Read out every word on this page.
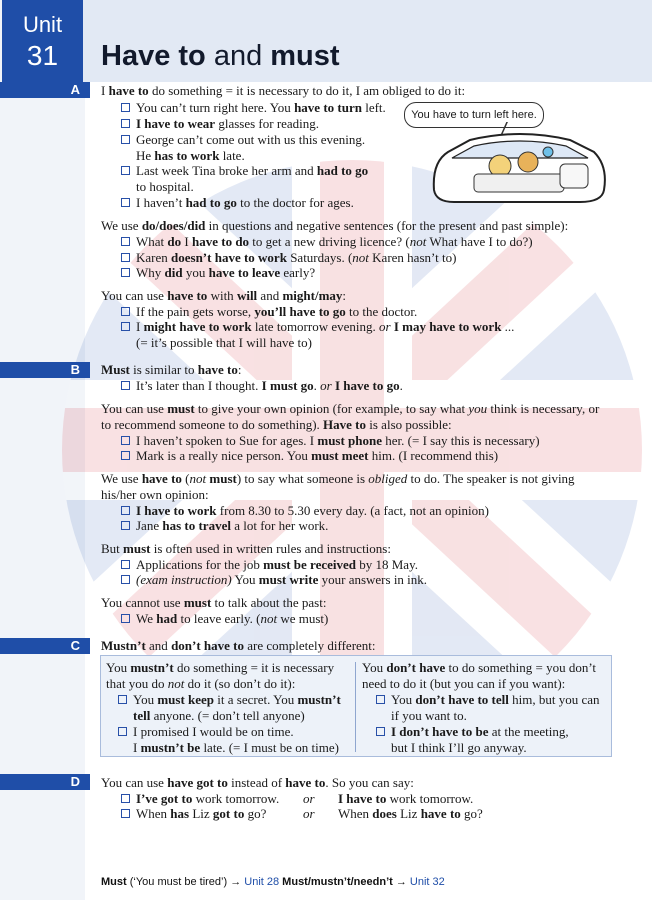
Unit
31	Have to and must
A	I have to do something = it is necessary to do it, I am obliged to do it:
You can’t turn right here. You have to turn left.
I have to wear glasses for reading.
George can’t come out with us this evening.
He has to work late.
Last week Tina broke her arm and had to go
to hospital.
I haven’t had to go to the doctor for ages.
You have to turn left here.
We use do/does/did in questions and negative sentences (for the present and past simple):
What do I have to do to get a new driving licence? (not What have I to do?)
Karen doesn’t have to work Saturdays. (not Karen hasn’t to)
Why did you have to leave early?
You can use have to with will and might/may:
If the pain gets worse, you’ll have to go to the doctor.
I might have to work late tomorrow evening. or I may have to work ...
(= it’s possible that I will have to)
B	Must is similar to have to:
It’s later than I thought. I must go. or I have to go.
You can use must to give your own opinion (for example, to say what you think is necessary, or
to recommend someone to do something). Have to is also possible:
I haven’t spoken to Sue for ages. I must phone her. (= I say this is necessary)
Mark is a really nice person. You must meet him. (I recommend this)
We use have to (not must) to say what someone is obliged to do. The speaker is not giving
his/her own opinion:
I have to work from 8.30 to 5.30 every day. (a fact, not an opinion)
Jane has to travel a lot for her work.
But must is often used in written rules and instructions:
Applications for the job must be received by 18 May.
(exam instruction) You must write your answers in ink.
You cannot use must to talk about the past:
We had to leave early. (not we must)
C	Mustn’t and don’t have to are completely different:
You mustn’t do something = it is necessary
that you do not do it (so don’t do it):
You must keep it a secret. You mustn’t
tell anyone. (= don’t tell anyone)
I promised I would be on time.
I mustn’t be late. (= I must be on time)
You don’t have to do something = you don’t
need to do it (but you can if you want):
You don’t have to tell him, but you can
if you want to.
I don’t have to be at the meeting,
but I think I’ll go anyway.
D	You can use have got to instead of have to. So you can say:
I’ve got to work tomorrow. or I have to work tomorrow.
When has Liz got to go?	or When does Liz have to go?
Must (‘You must be tired’) → Unit 28 Must/mustn’t/needn’t → Unit 32
